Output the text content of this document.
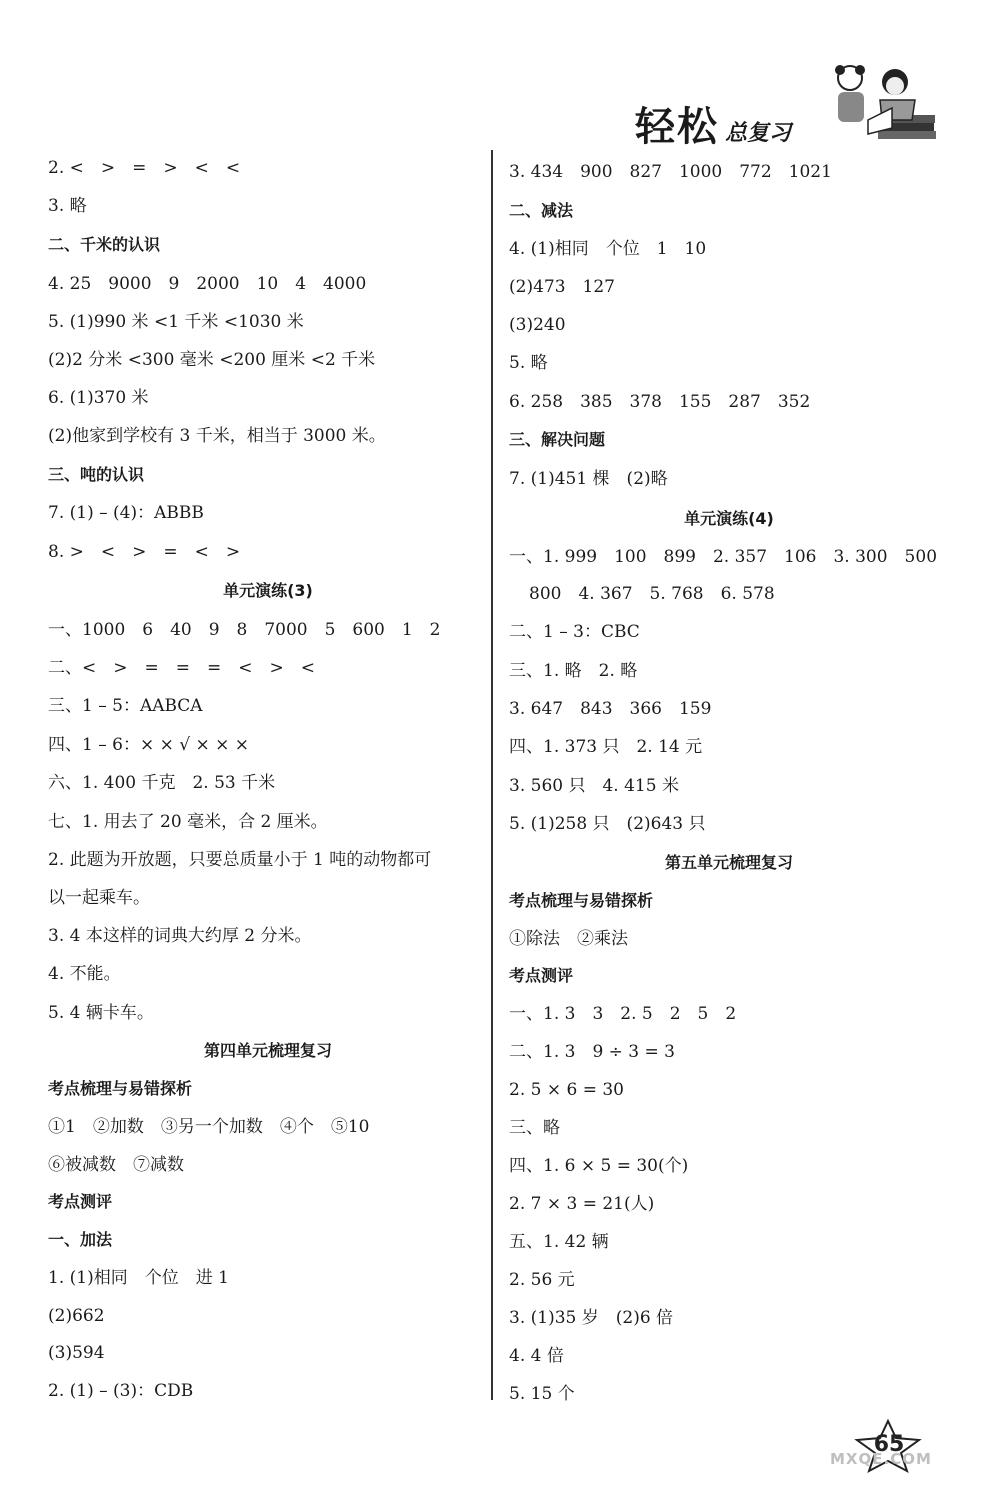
轻松 总复习
2. <　>　=　>　<　<
3. 略
二、千米的认识
4. 25　9000　9　2000　10　4　4000
5. (1)990 米 <1 千米 <1030 米
(2)2 分米 <300 毫米 <200 厘米 <2 千米
6. (1)370 米
(2)他家到学校有 3 千米，相当于 3000 米。
三、吨的认识
7. (1) – (4)：ABBB
8. >　<　>　=　<　>
单元演练(3)
一、1000　6　40　9　8　7000　5　600　1　2
二、<　>　=　=　=　<　>　<
三、1 – 5：AABCA
四、1 – 6：× × √ × × ×
六、1. 400 千克　2. 53 千米
七、1. 用去了 20 毫米，合 2 厘米。
2. 此题为开放题，只要总质量小于 1 吨的动物都可
以一起乘车。
3. 4 本这样的词典大约厚 2 分米。
4. 不能。
5. 4 辆卡车。
第四单元梳理复习
考点梳理与易错探析
①1　②加数　③另一个加数　④个　⑤10
⑥被减数　⑦减数
考点测评
一、加法
1. (1)相同　个位　进 1
(2)662
(3)594
2. (1) – (3)：CDB
3. 434　900　827　1000　772　1021
二、减法
4. (1)相同　个位　1　10
(2)473　127
(3)240
5. 略
6. 258　385　378　155　287　352
三、解决问题
7. (1)451 棵　(2)略
单元演练(4)
一、1. 999　100　899　2. 357　106　3. 300　500
800　4. 367　5. 768　6. 578
二、1 – 3：CBC
三、1. 略　2. 略
3. 647　843　366　159
四、1. 373 只　2. 14 元
3. 560 只　4. 415 米
5. (1)258 只　(2)643 只
第五单元梳理复习
考点梳理与易错探析
①除法　②乘法
考点测评
一、1. 3　3　2. 5　2　5　2
二、1. 3　9 ÷ 3 = 3
2. 5 × 6 = 30
三、略
四、1. 6 × 5 = 30(个)
2. 7 × 3 = 21(人)
五、1. 42 辆
2. 56 元
3. (1)35 岁　(2)6 倍
4. 4 倍
5. 15 个
65
MXQE.COM
